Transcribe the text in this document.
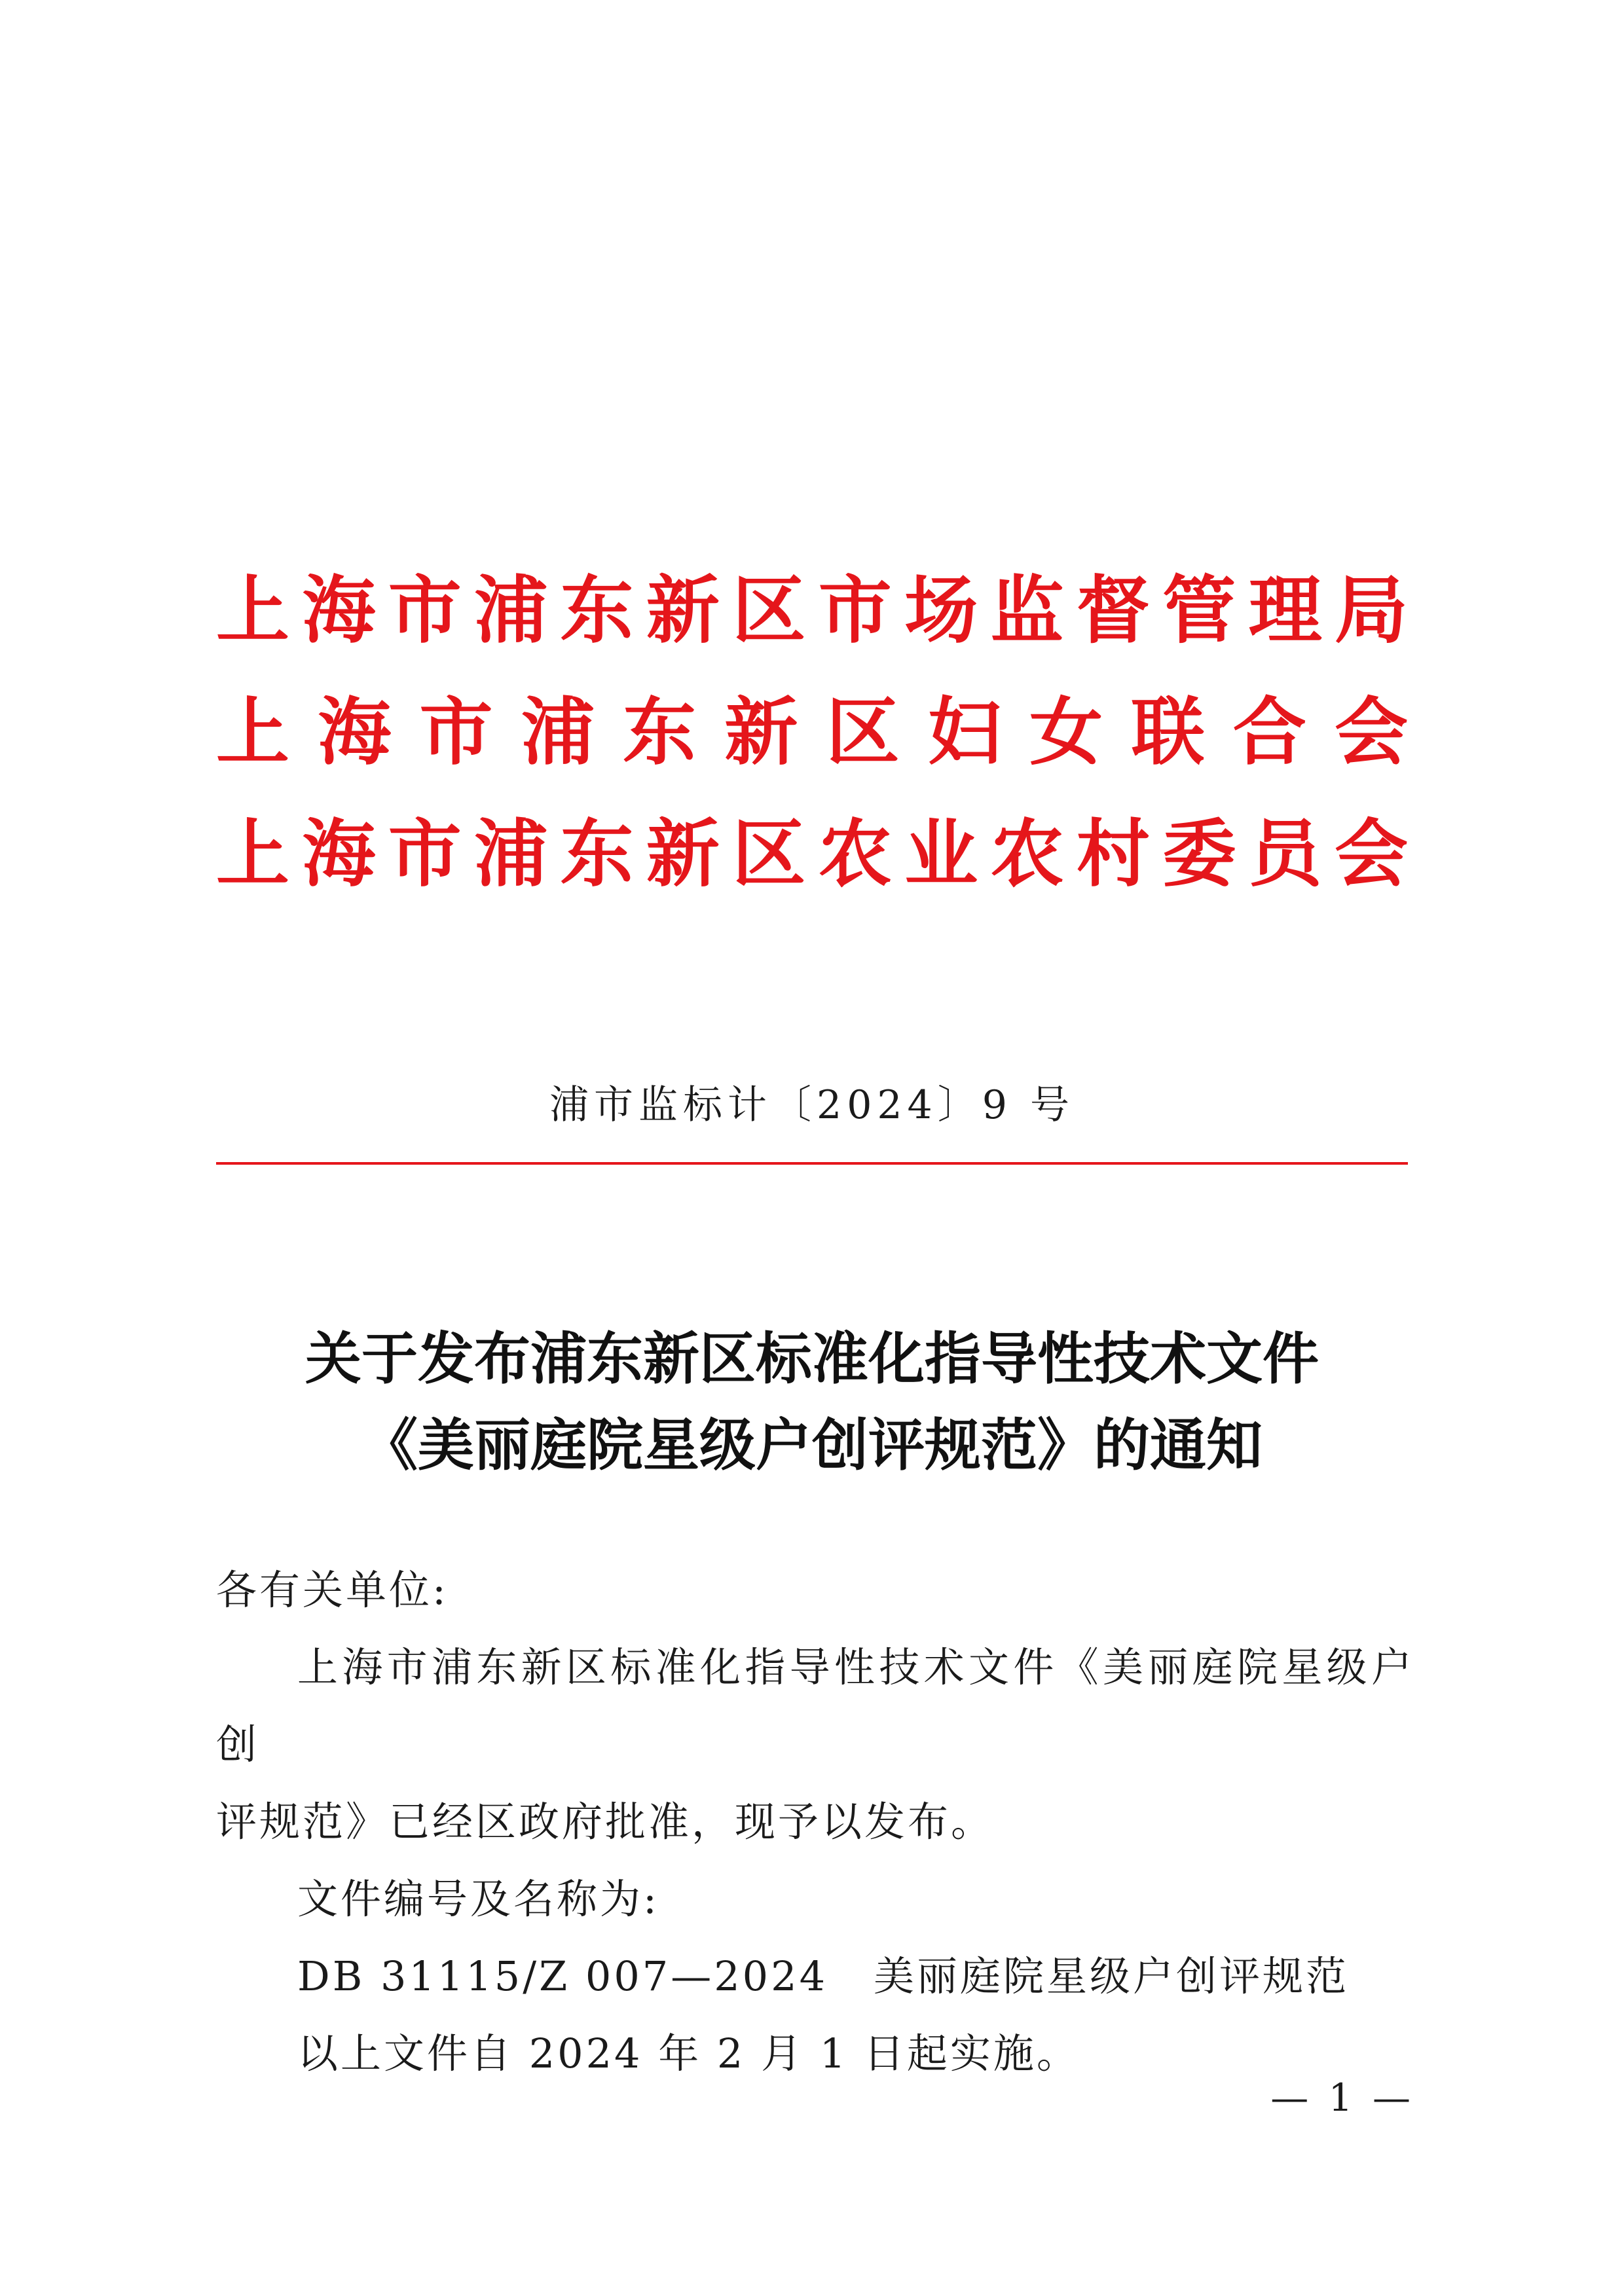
上海市浦东新区市场监督管理局
上海市浦东新区妇女联合会
上海市浦东新区农业农村委员会
浦市监标计〔2024〕9 号
关于发布浦东新区标准化指导性技术文件
《美丽庭院星级户创评规范》的通知

各有关单位:

上海市浦东新区标准化指导性技术文件《美丽庭院星级户创

评规范》已经区政府批准，现予以发布。

文件编号及名称为:

DB 31115/Z 007—2024 美丽庭院星级户创评规范

以上文件自 2024 年 2 月 1 日起实施。

— 1 —
